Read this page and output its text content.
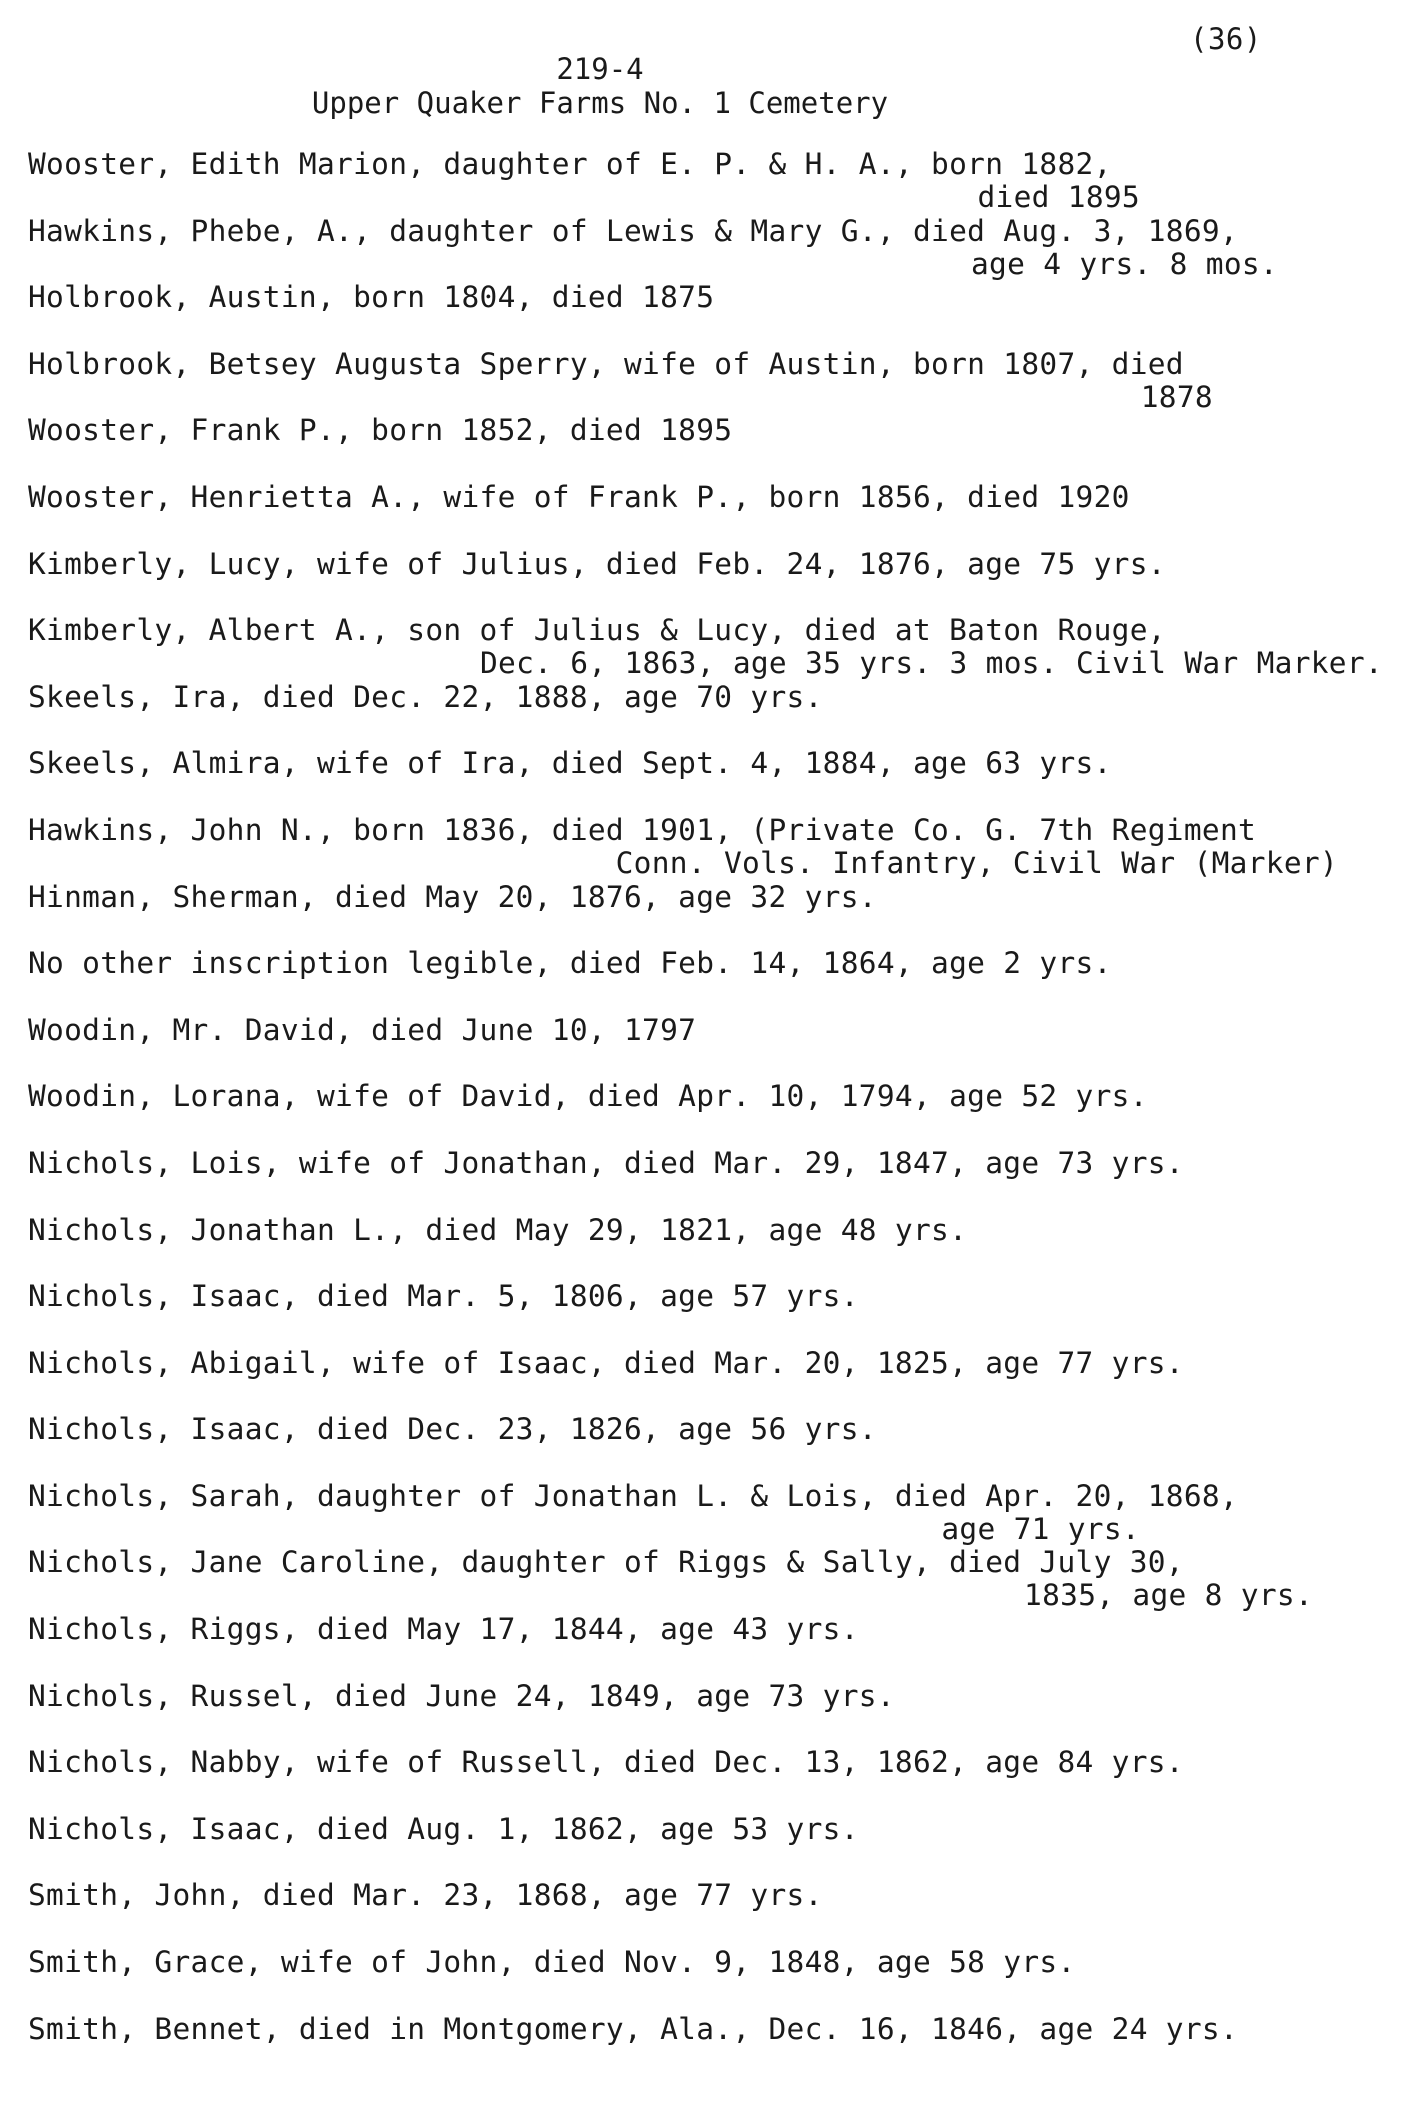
(36)
219-4
Upper Quaker Farms No. 1 Cemetery
Wooster, Edith Marion, daughter of E. P. & H. A., born 1882,
died 1895
Hawkins, Phebe, A., daughter of Lewis & Mary G., died Aug. 3, 1869,
age 4 yrs. 8 mos.
Holbrook, Austin, born 1804, died 1875
Holbrook, Betsey Augusta Sperry, wife of Austin, born 1807, died
1878
Wooster, Frank P., born 1852, died 1895
Wooster, Henrietta A., wife of Frank P., born 1856, died 1920
Kimberly, Lucy, wife of Julius, died Feb. 24, 1876, age 75 yrs.
Kimberly, Albert A., son of Julius & Lucy, died at Baton Rouge,
Dec. 6, 1863, age 35 yrs. 3 mos. Civil War Marker.
Skeels, Ira, died Dec. 22, 1888, age 70 yrs.
Skeels, Almira, wife of Ira, died Sept. 4, 1884, age 63 yrs.
Hawkins, John N., born 1836, died 1901, (Private Co. G. 7th Regiment
Conn. Vols. Infantry, Civil War (Marker)
Hinman, Sherman, died May 20, 1876, age 32 yrs.
No other inscription legible, died Feb. 14, 1864, age 2 yrs.
Woodin, Mr. David, died June 10, 1797
Woodin, Lorana, wife of David, died Apr. 10, 1794, age 52 yrs.
Nichols, Lois, wife of Jonathan, died Mar. 29, 1847, age 73 yrs.
Nichols, Jonathan L., died May 29, 1821, age 48 yrs.
Nichols, Isaac, died Mar. 5, 1806, age 57 yrs.
Nichols, Abigail, wife of Isaac, died Mar. 20, 1825, age 77 yrs.
Nichols, Isaac, died Dec. 23, 1826, age 56 yrs.
Nichols, Sarah, daughter of Jonathan L. & Lois, died Apr. 20, 1868,
age 71 yrs.
Nichols, Jane Caroline, daughter of Riggs & Sally, died July 30,
1835, age 8 yrs.
Nichols, Riggs, died May 17, 1844, age 43 yrs.
Nichols, Russel, died June 24, 1849, age 73 yrs.
Nichols, Nabby, wife of Russell, died Dec. 13, 1862, age 84 yrs.
Nichols, Isaac, died Aug. 1, 1862, age 53 yrs.
Smith, John, died Mar. 23, 1868, age 77 yrs.
Smith, Grace, wife of John, died Nov. 9, 1848, age 58 yrs.
Smith, Bennet, died in Montgomery, Ala., Dec. 16, 1846, age 24 yrs.
